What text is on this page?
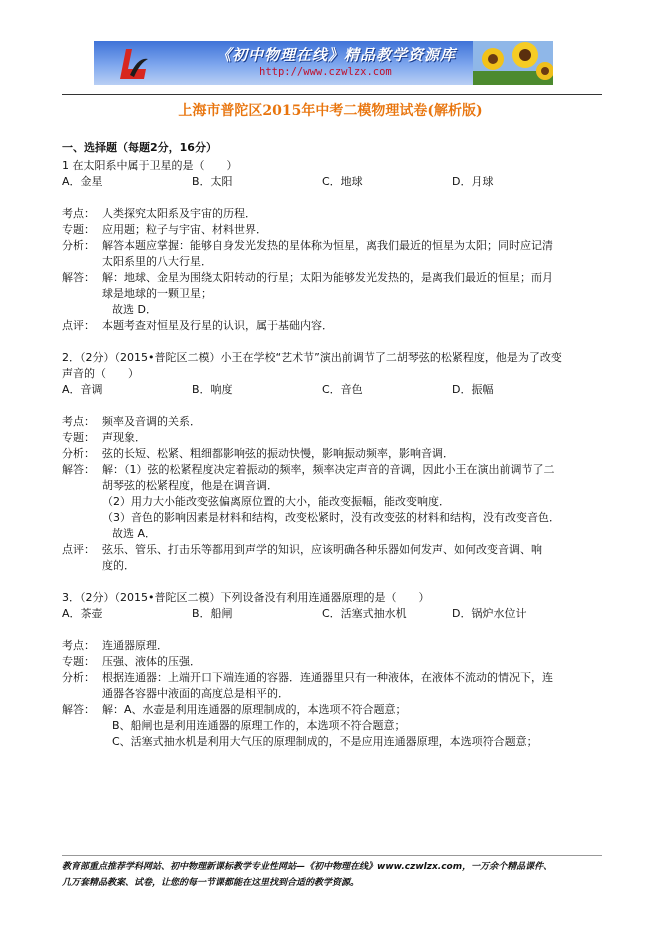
《初中物理在线》精品教学资源库
http://www.czwlzx.com
上海市普陀区2015年中考二模物理试卷(解析版)
一、选择题（每题2分，16分）
1 在太阳系中属于卫星的是（　　）
A．金星	B．太阳	C．地球	D．月球
考点： 人类探究太阳系及宇宙的历程．
专题： 应用题；粒子与宇宙、材料世界．
分析： 解答本题应掌握：能够自身发光发热的星体称为恒星，离我们最近的恒星为太阳；同时应记清
太阳系里的八大行星．
解答： 解：地球、金星为围绕太阳转动的行星；太阳为能够发光发热的，是离我们最近的恒星；而月
球是地球的一颗卫星；
故选 D．
点评： 本题考查对恒星及行星的认识，属于基础内容．
2．（2分）（2015•普陀区二模）小王在学校“艺术节”演出前调节了二胡琴弦的松紧程度，他是为了改变
声音的（　　）
A．音调	B．响度	C．音色	D．振幅
考点： 频率及音调的关系．
专题： 声现象．
分析： 弦的长短、松紧、粗细都影响弦的振动快慢，影响振动频率，影响音调．
解答： 解：（1）弦的松紧程度决定着振动的频率，频率决定声音的音调，因此小王在演出前调节了二
胡琴弦的松紧程度，他是在调音调．
（2）用力大小能改变弦偏离原位置的大小，能改变振幅，能改变响度．
（3）音色的影响因素是材料和结构，改变松紧时，没有改变弦的材料和结构，没有改变音色．
故选 A．
点评： 弦乐、管乐、打击乐等都用到声学的知识，应该明确各种乐器如何发声、如何改变音调、响
度的．
3．（2分）（2015•普陀区二模）下列设备没有利用连通器原理的是（　　）
A．茶壶	B．船闸	C．活塞式抽水机	D．锅炉水位计
考点： 连通器原理．
专题： 压强、液体的压强．
分析： 根据连通器：上端开口下端连通的容器．连通器里只有一种液体，在液体不流动的情况下，连
通器各容器中液面的高度总是相平的．
解答： 解：A、水壶是利用连通器的原理制成的，本选项不符合题意；
B、船闸也是利用连通器的原理工作的，本选项不符合题意；
C、活塞式抽水机是利用大气压的原理制成的，不是应用连通器原理，本选项符合题意；
教育部重点推荐学科网站、初中物理新课标教学专业性网站—《初中物理在线》www.czwlzx.com，一万余个精品课件、
几万套精品教案、试卷，让您的每一节课都能在这里找到合适的教学资源。
